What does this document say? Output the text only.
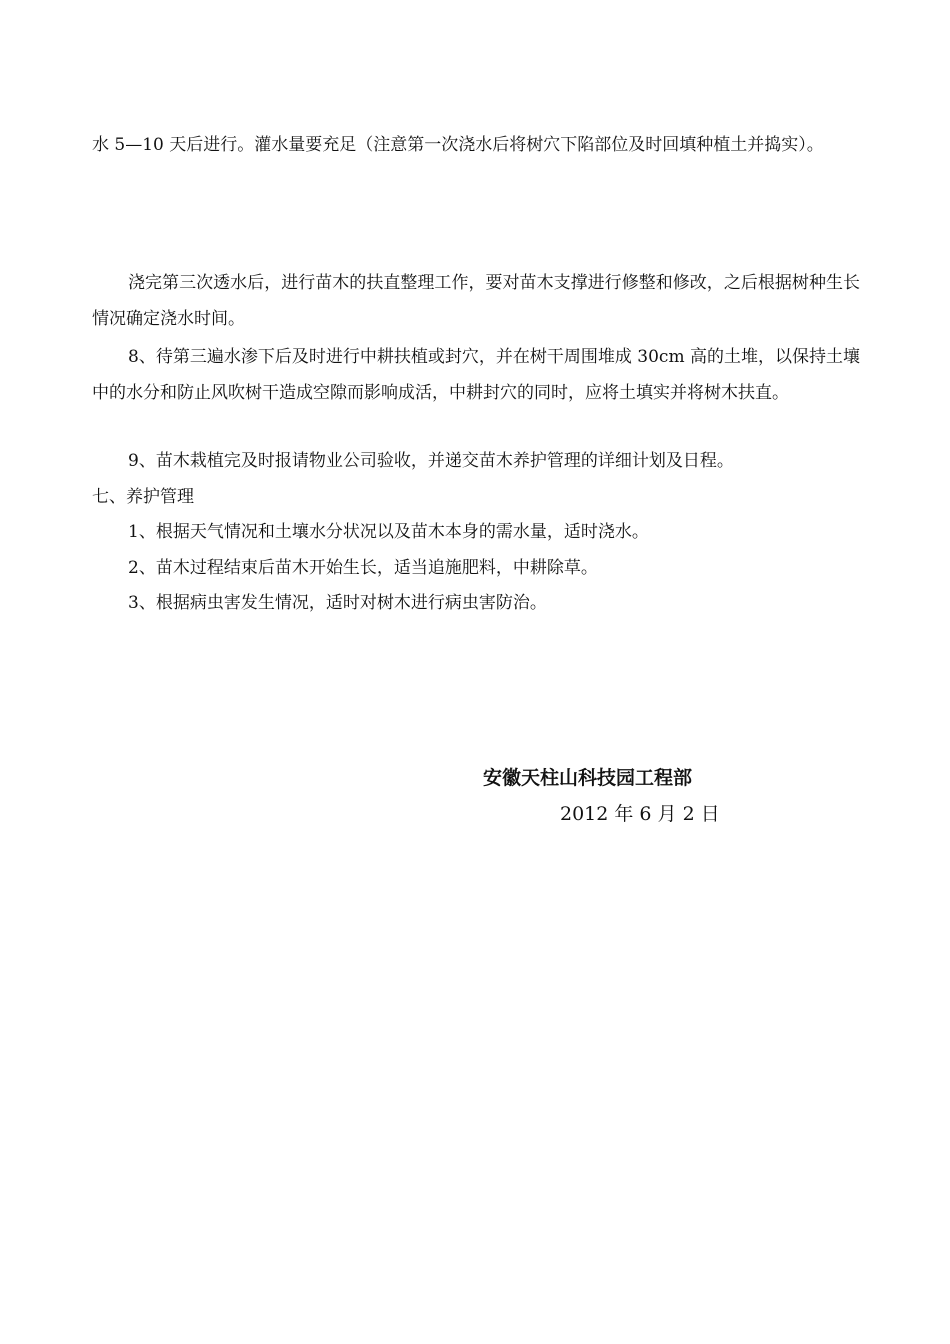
水 5—10 天后进行。灌水量要充足（注意第一次浇水后将树穴下陷部位及时回填种植土并捣实）。
浇完第三次透水后，进行苗木的扶直整理工作，要对苗木支撑进行修整和修改，之后根据树种生长情况确定浇水时间。
8、待第三遍水渗下后及时进行中耕扶植或封穴，并在树干周围堆成 30cm 高的土堆，以保持土壤中的水分和防止风吹树干造成空隙而影响成活，中耕封穴的同时，应将土填实并将树木扶直。
9、苗木栽植完及时报请物业公司验收，并递交苗木养护管理的详细计划及日程。
七、养护管理
1、根据天气情况和土壤水分状况以及苗木本身的需水量，适时浇水。
2、苗木过程结束后苗木开始生长，适当追施肥料，中耕除草。
3、根据病虫害发生情况，适时对树木进行病虫害防治。
安徽天柱山科技园工程部
2012 年 6 月 2 日
